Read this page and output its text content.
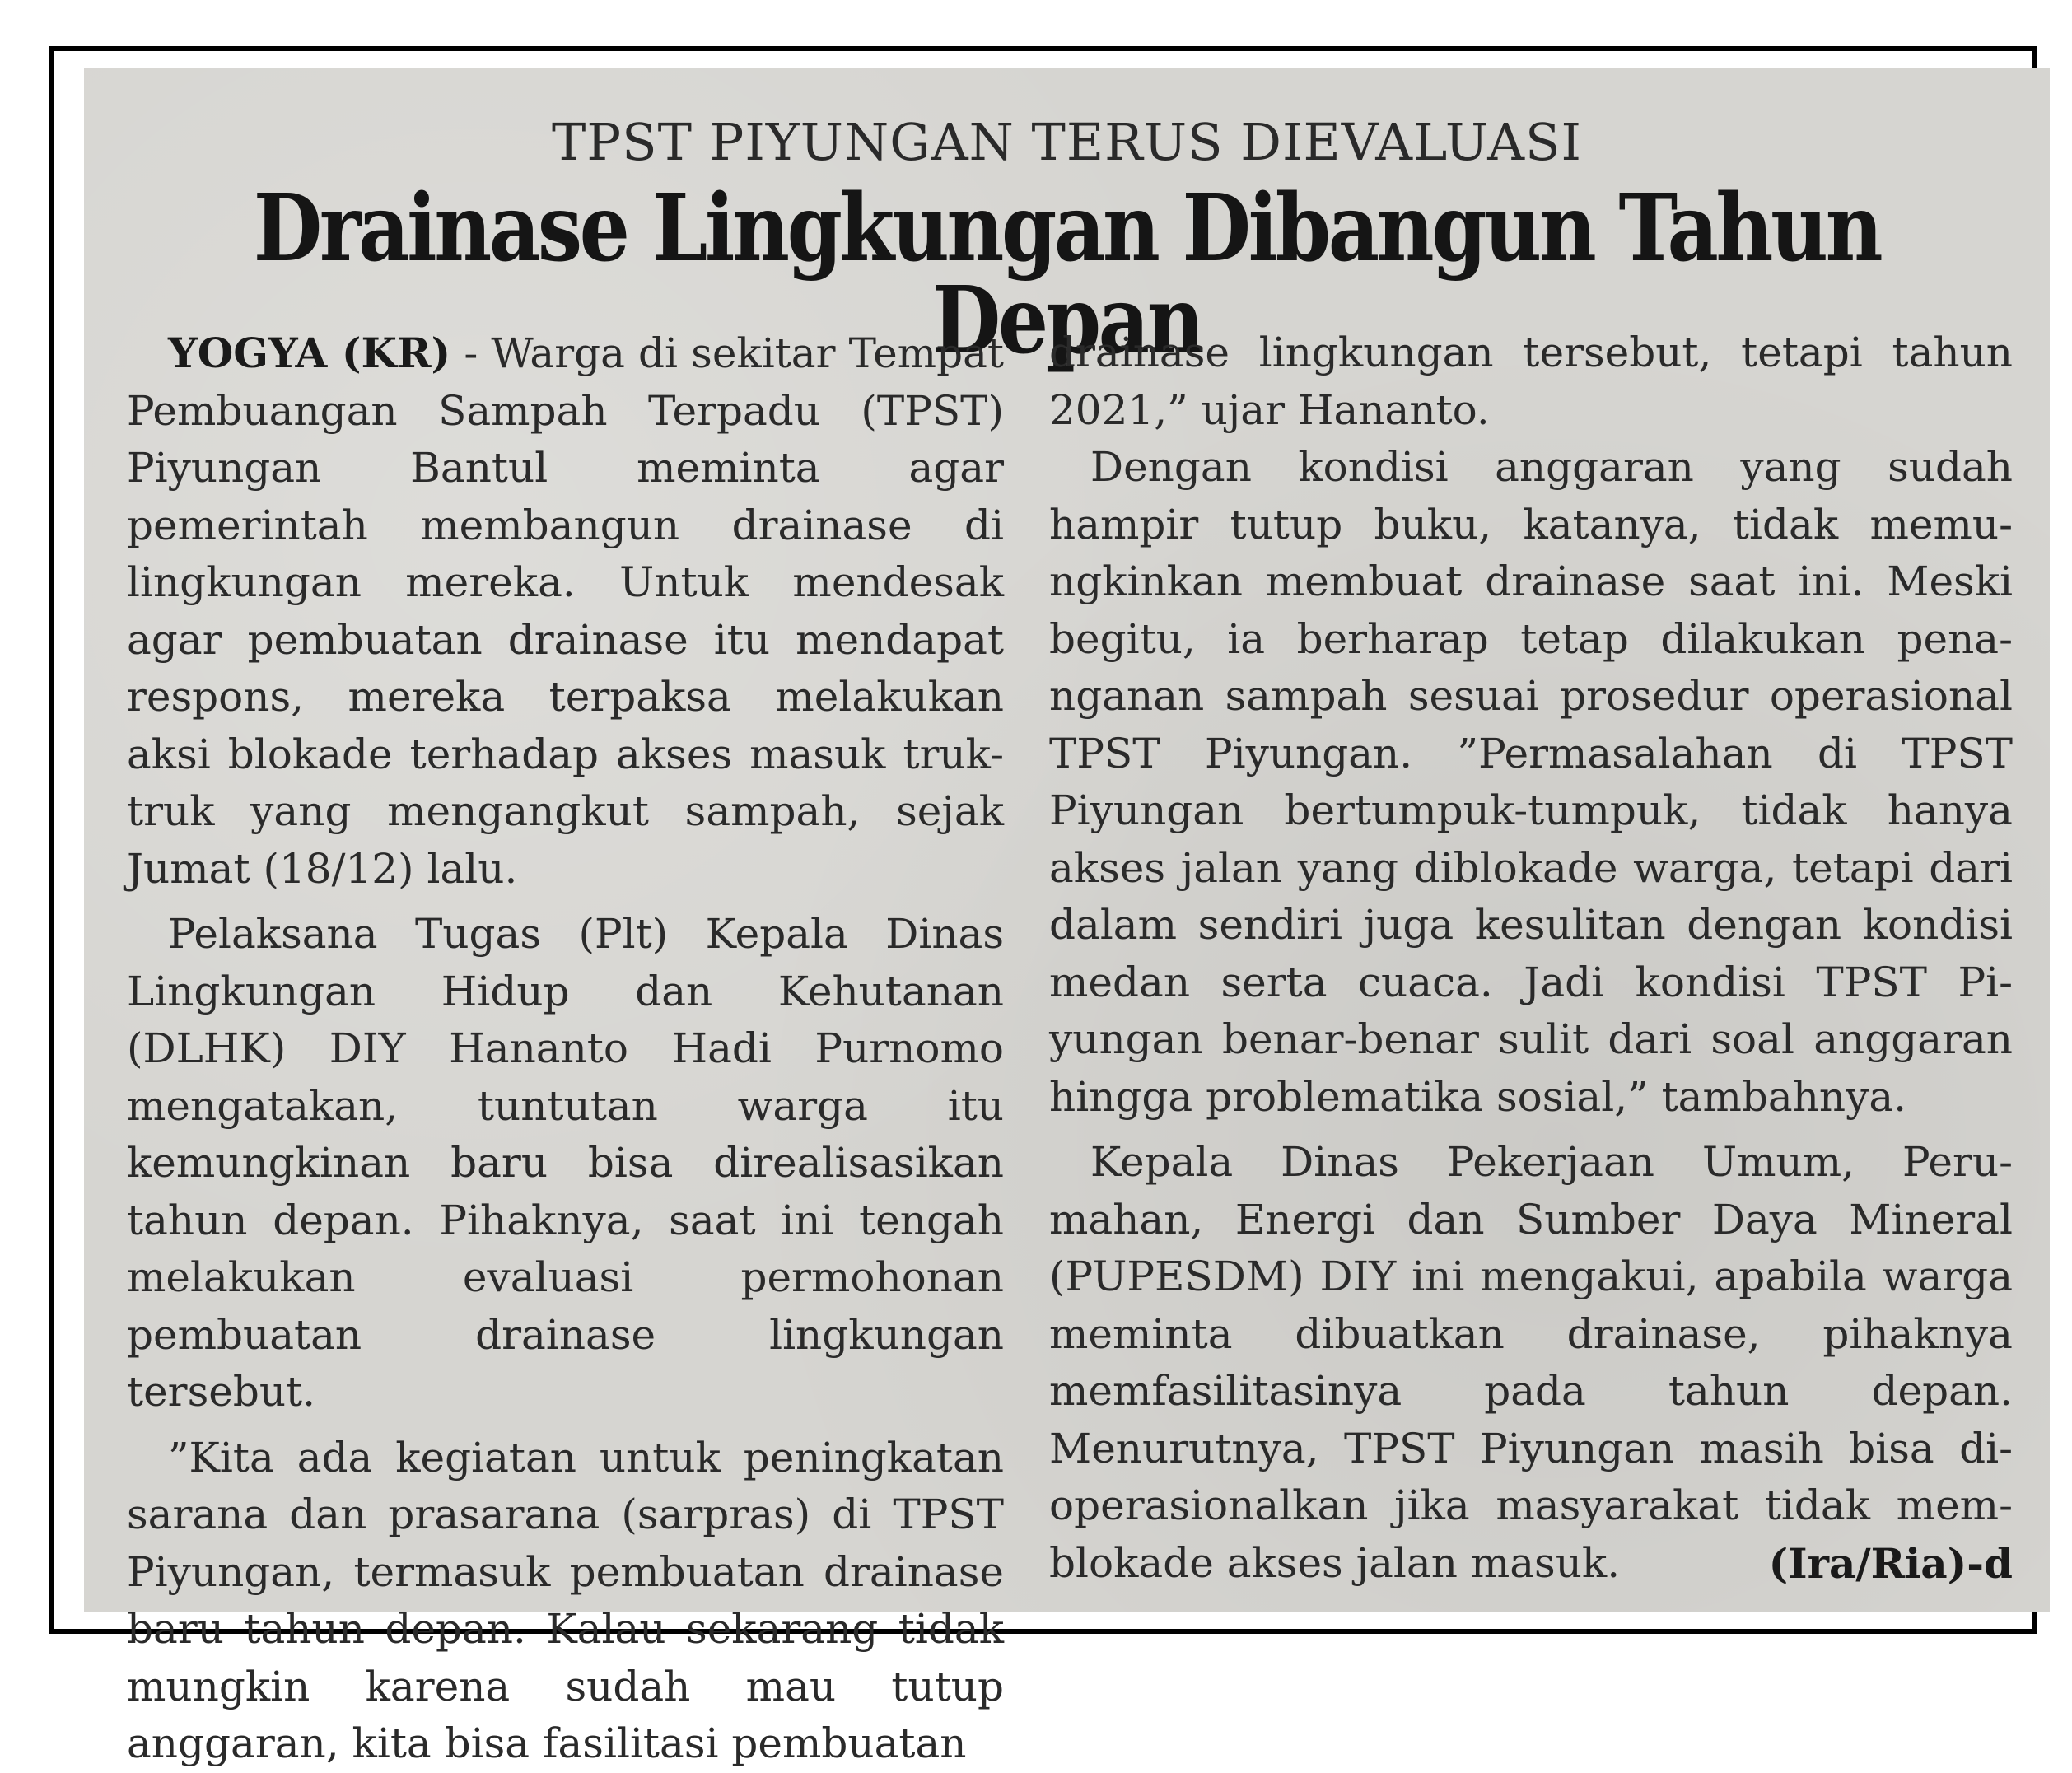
TPST PIYUNGAN TERUS DIEVALUASI
Drainase Lingkungan Dibangun Tahun Depan

YOGYA (KR) - Warga di sekitar Tempat Pembuangan Sampah Terpadu (TPST) Piyungan Bantul meminta agar pemerintah membangun drainase di lingkungan mereka. Untuk mendesak agar pembuatan drainase itu mendapat respons, mereka terpaksa melakukan aksi blokade terhadap akses masuk truk-truk yang mengangkut sampah, sejak Jumat (18/12) lalu.

Pelaksana Tugas (Plt) Kepala Dinas Lingkungan Hidup dan Kehutanan (DLHK) DIY Hananto Hadi Purnomo mengatakan, tuntutan warga itu kemungkinan baru bisa direalisasikan tahun depan. Pihaknya, saat ini tengah melakukan evaluasi permohonan pembuatan drainase lingkungan tersebut.

”Kita ada kegiatan untuk peningkatan sarana dan prasarana (sarpras) di TPST Piyungan, termasuk pembuatan drainase baru tahun depan. Kalau sekarang tidak mungkin karena sudah mau tutup anggaran, kita bisa fasilitasi pembuatan

drainase lingkungan tersebut, tetapi tahun 2021,” ujar Hananto.

Dengan kondisi anggaran yang sudah hampir tutup buku, katanya, tidak memungkinkan membuat drainase saat ini. Meski begitu, ia berharap tetap dilakukan penanganan sampah sesuai prosedur operasional TPST Piyungan. ”Permasalahan di TPST Piyungan bertumpuk-tumpuk, tidak hanya akses jalan yang diblokade warga, tetapi dari dalam sendiri juga kesulitan dengan kondisi medan serta cuaca. Jadi kondisi TPST Piyungan benar-benar sulit dari soal anggaran hingga problematika sosial,” tambahnya.

Kepala Dinas Pekerjaan Umum, Perumahan, Energi dan Sumber Daya Mineral (PUPESDM) DIY ini mengakui, apabila warga meminta dibuatkan drainase, pihaknya memfasilitasinya pada tahun depan. Menurutnya, TPST Piyungan masih bisa dioperasionalkan jika masyarakat tidak memblokade akses jalan masuk.	(Ira/Ria)-d
